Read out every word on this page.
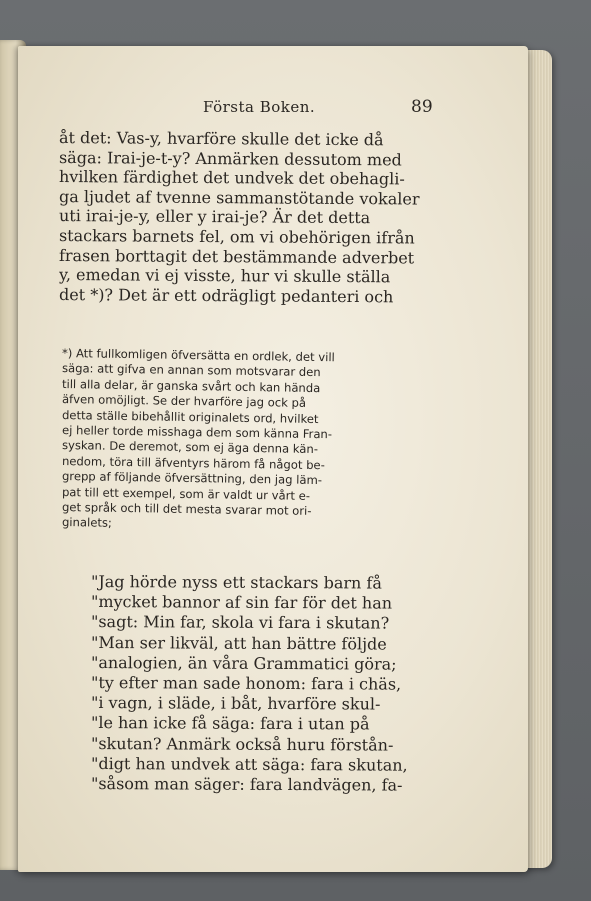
Första Boken.	89
åt det: Vas-y, hvarföre skulle det icke då
säga: Irai-je-t-y? Anmärken dessutom med
hvilken färdighet det undvek det obehagli-
ga ljudet af tvenne sammanstötande vokaler
uti irai-je-y, eller y irai-je? Är det detta
stackars barnets fel, om vi obehörigen ifrån
frasen borttagit det bestämmande adverbet
y, emedan vi ej visste, hur vi skulle ställa
det *)? Det är ett odrägligt pedanteri och
*) Att fullkomligen öfversätta en ordlek, det vill
säga: att gifva en annan som motsvarar den
till alla delar, är ganska svårt och kan hända
äfven omöjligt. Se der hvarföre jag ock på
detta ställe bibehållit originalets ord, hvilket
ej heller torde misshaga dem som känna Fran-
syskan. De deremot, som ej äga denna kän-
nedom, töra till äfventyrs härom få något be-
grepp af följande öfversättning, den jag läm-
pat till ett exempel, som är valdt ur vårt e-
get språk och till det mesta svarar mot ori-
ginalets;
"Jag hörde nyss ett stackars barn få
"mycket bannor af sin far för det han
"sagt: Min far, skola vi fara i skutan?
"Man ser likväl, att han bättre följde
"analogien, än våra Grammatici göra;
"ty efter man sade honom: fara i chäs,
"i vagn, i släde, i båt, hvarföre skul-
"le han icke få säga: fara i utan på
"skutan? Anmärk också huru förstån-
"digt han undvek att säga: fara skutan,
"såsom man säger: fara landvägen, fa-
